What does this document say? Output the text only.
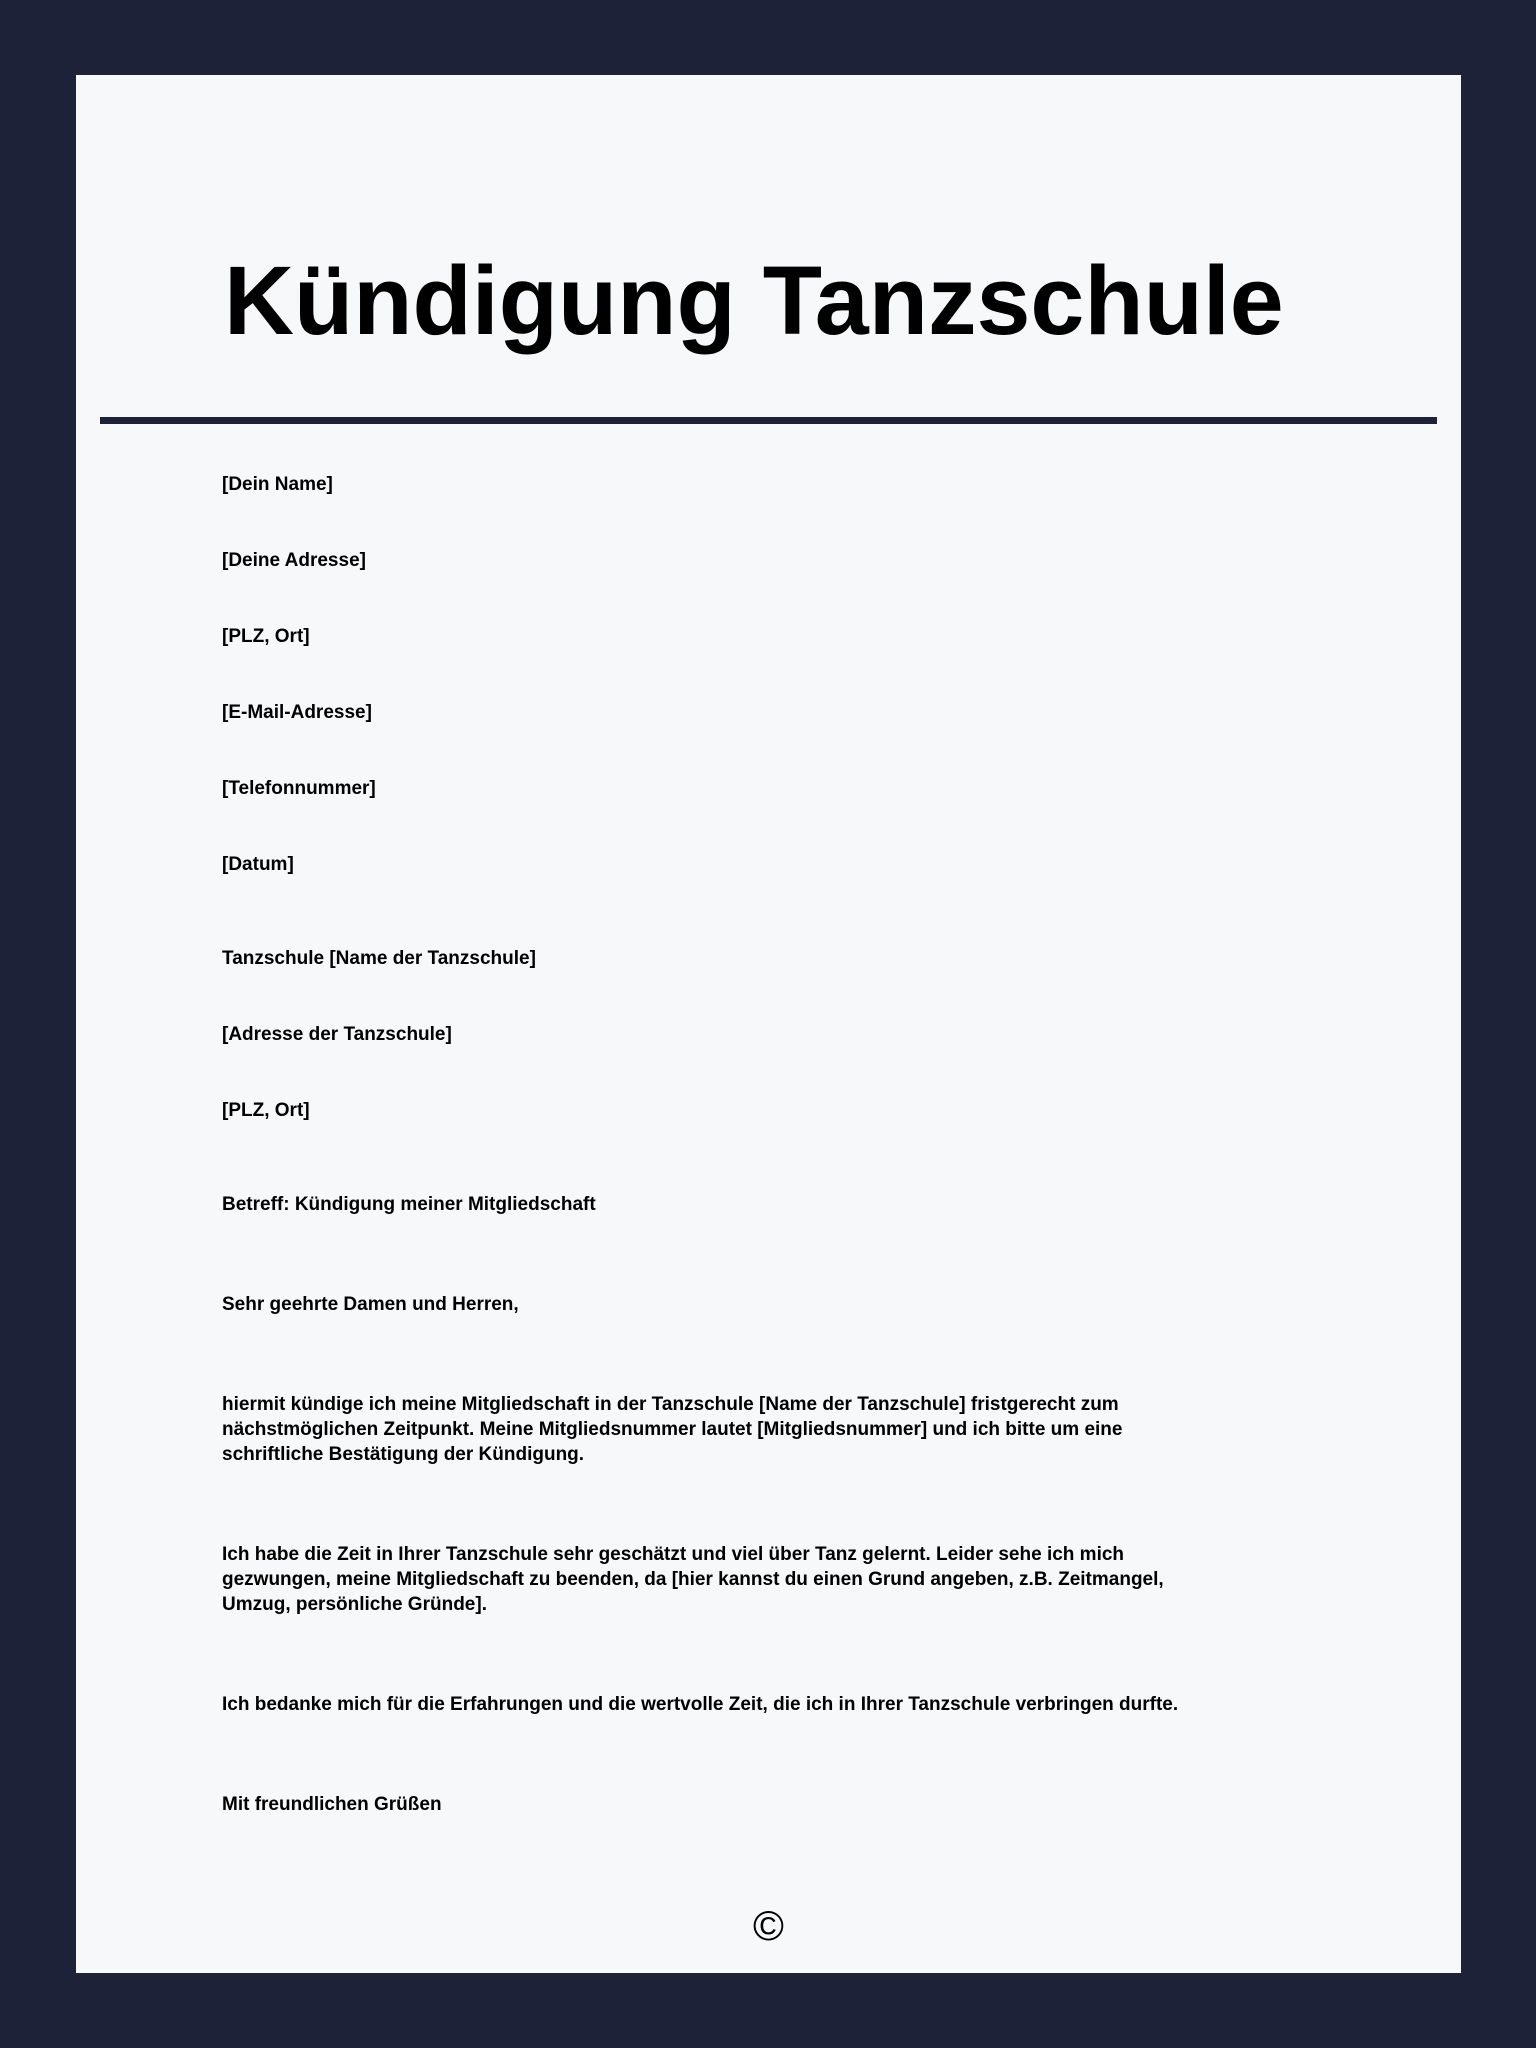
Kündigung Tanzschule
[Dein Name]
[Deine Adresse]
[PLZ, Ort]
[E-Mail-Adresse]
[Telefonnummer]
[Datum]
Tanzschule [Name der Tanzschule]
[Adresse der Tanzschule]
[PLZ, Ort]
Betreff: Kündigung meiner Mitgliedschaft
Sehr geehrte Damen und Herren,
hiermit kündige ich meine Mitgliedschaft in der Tanzschule [Name der Tanzschule] fristgerecht zum
nächstmöglichen Zeitpunkt. Meine Mitgliedsnummer lautet [Mitgliedsnummer] und ich bitte um eine
schriftliche Bestätigung der Kündigung.
Ich habe die Zeit in Ihrer Tanzschule sehr geschätzt und viel über Tanz gelernt. Leider sehe ich mich
gezwungen, meine Mitgliedschaft zu beenden, da [hier kannst du einen Grund angeben, z.B. Zeitmangel,
Umzug, persönliche Gründe].
Ich bedanke mich für die Erfahrungen und die wertvolle Zeit, die ich in Ihrer Tanzschule verbringen durfte.
Mit freundlichen Grüßen
©
